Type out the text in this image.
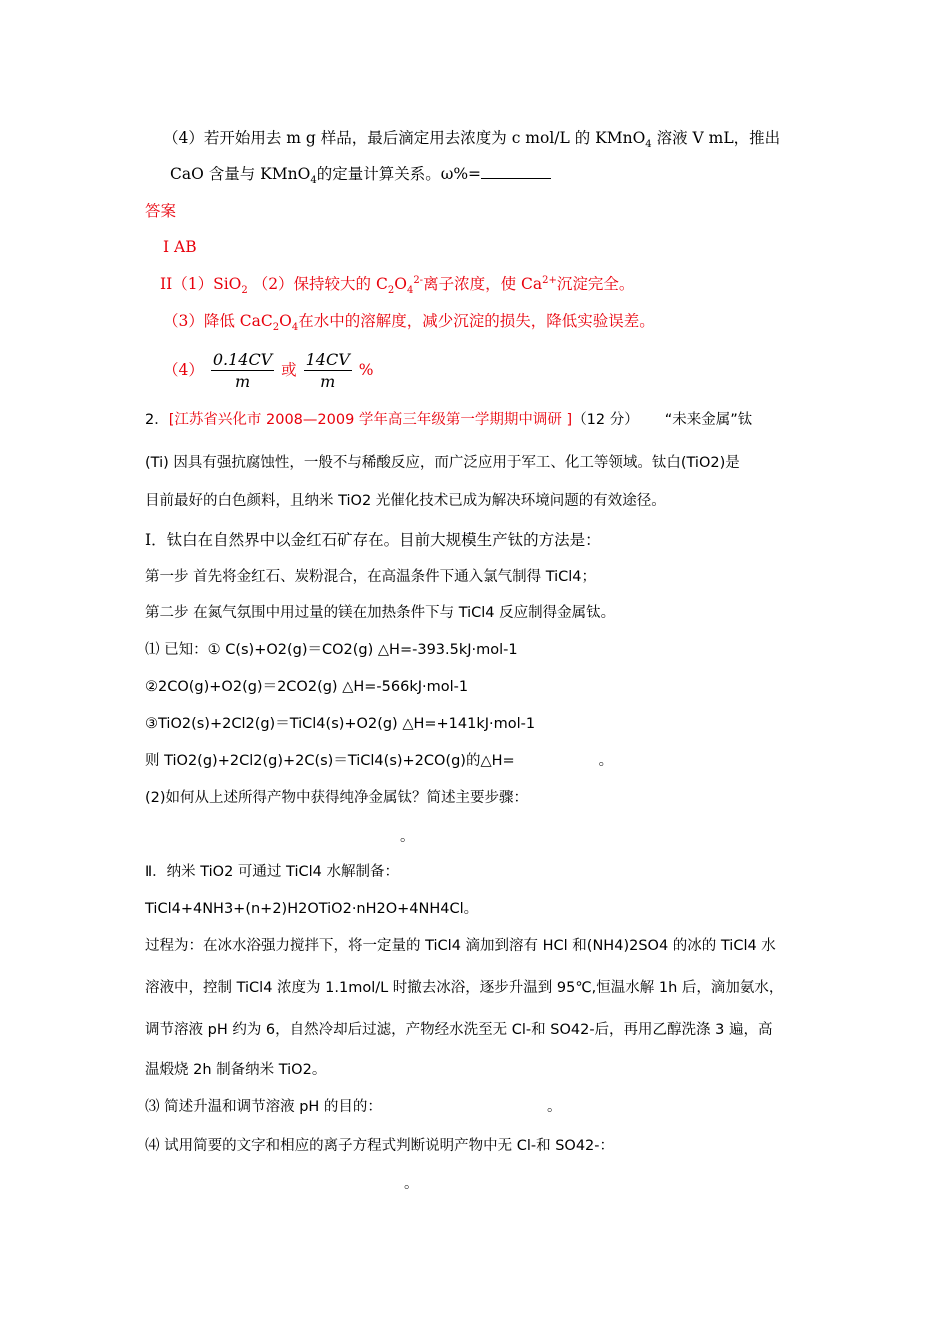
（4）若开始用去 m g 样品，最后滴定用去浓度为 c mol/L 的 KMnO$_4$ 溶液 V mL，推出
CaO 含量与 KMnO$_4$的定量计算关系。ω%=
答案
I AB
II（1）SiO$_2$ （2）保持较大的 $C_2O_4^{2-}$离子浓度，使 $Ca^{2+}$沉淀完全。
（3）降低 $CaC_2O_4$在水中的溶解度，减少沉淀的损失，降低实验误差。
$(4) \frac{0.14CV}{m}$ 或 $\frac{14CV}{m}$ %
2．[江苏省兴化市 2008—2009 学年高三年级第一学期期中调研 ]（12 分） “未来金属”钛
(Ti) 因具有强抗腐蚀性，一般不与稀酸反应，而广泛应用于军工、化工等领域。钛白(TiO2)是
目前最好的白色颜料，且纳米 TiO2 光催化技术已成为解决环境问题的有效途径。
Ⅰ．钛白在自然界中以金红石矿存在。目前大规模生产钛的方法是：
第一步 首先将金红石、炭粉混合，在高温条件下通入氯气制得 TiCl4；
第二步 在氮气氛围中用过量的镁在加热条件下与 TiCl4 反应制得金属钛。
⑴ 已知：① C(s)+O2(g)＝CO2(g) △H=-393.5kJ·mol-1
②2CO(g)+O2(g)＝2CO2(g) △H=-566kJ·mol-1
③TiO2(s)+2Cl2(g)＝TiCl4(s)+O2(g) △H=+141kJ·mol-1
则 TiO2(g)+2Cl2(g)+2C(s)＝TiCl4(s)+2CO(g)的△H=	。
(2)如何从上述所得产物中获得纯净金属钛？简述主要步骤：
。
Ⅱ．纳米 TiO2 可通过 TiCl4 水解制备：
TiCl4+4NH3+(n+2)H2OTiO2·nH2O+4NH4Cl。
过程为：在冰水浴强力搅拌下，将一定量的 TiCl4 滴加到溶有 HCl 和(NH4)2SO4 的冰的 TiCl4 水
溶液中，控制 TiCl4 浓度为 1.1mol/L 时撤去冰浴，逐步升温到 95℃,恒温水解 1h 后，滴加氨水，
调节溶液 pH 约为 6，自然冷却后过滤，产物经水洗至无 Cl-和 SO42-后，再用乙醇洗涤 3 遍，高
温煅烧 2h 制备纳米 TiO2。
⑶ 简述升温和调节溶液 pH 的目的：	。
⑷ 试用简要的文字和相应的离子方程式判断说明产物中无 Cl-和 SO42-：
。
